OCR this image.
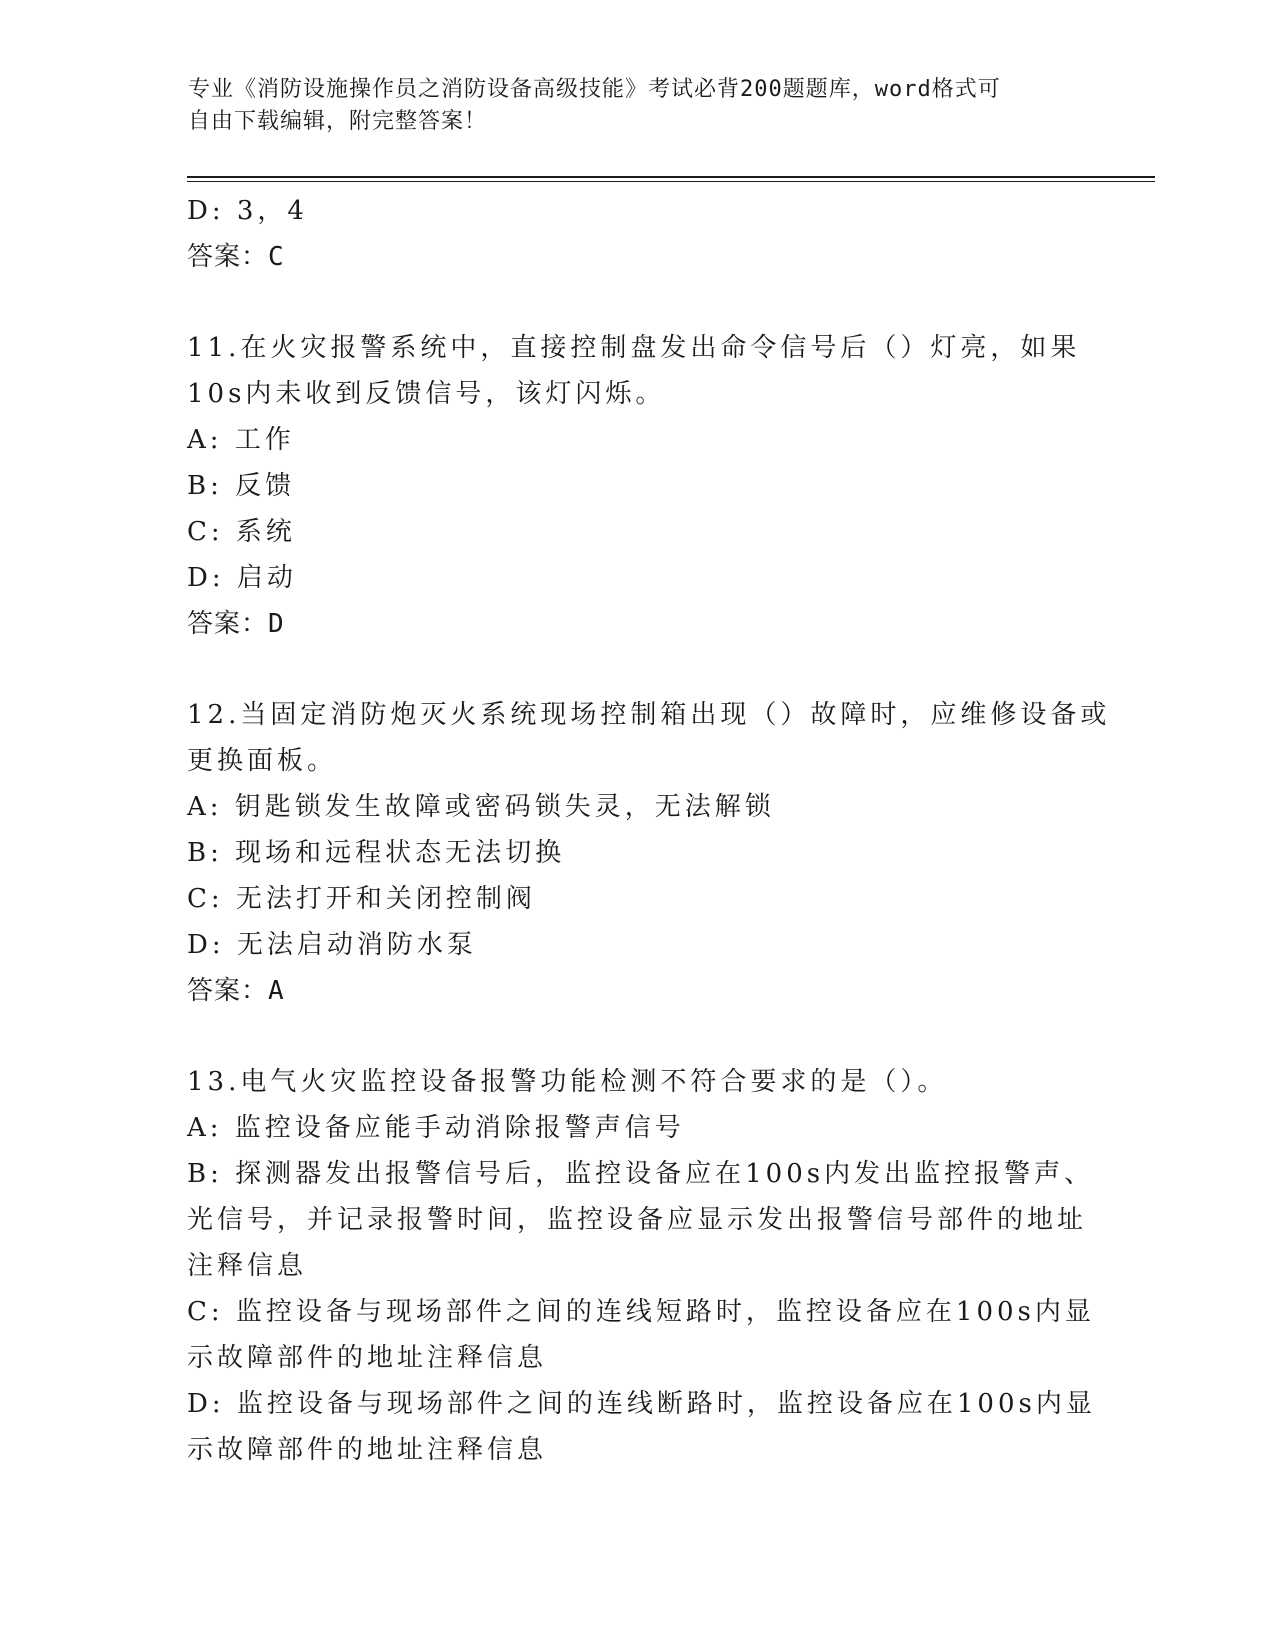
专业《消防设施操作员之消防设备高级技能》考试必背200题题库，word格式可
自由下载编辑，附完整答案！
D: 3，4
答案：C
11.在火灾报警系统中，直接控制盘发出命令信号后（）灯亮，如果
10s内未收到反馈信号，该灯闪烁。
A: 工作
B: 反馈
C: 系统
D: 启动
答案：D
12.当固定消防炮灭火系统现场控制箱出现（）故障时，应维修设备或
更换面板。
A: 钥匙锁发生故障或密码锁失灵，无法解锁
B: 现场和远程状态无法切换
C: 无法打开和关闭控制阀
D: 无法启动消防水泵
答案：A
13.电气火灾监控设备报警功能检测不符合要求的是（）。
A: 监控设备应能手动消除报警声信号
B: 探测器发出报警信号后，监控设备应在100s内发出监控报警声、
光信号，并记录报警时间，监控设备应显示发出报警信号部件的地址
注释信息
C: 监控设备与现场部件之间的连线短路时，监控设备应在100s内显
示故障部件的地址注释信息
D: 监控设备与现场部件之间的连线断路时，监控设备应在100s内显
示故障部件的地址注释信息
